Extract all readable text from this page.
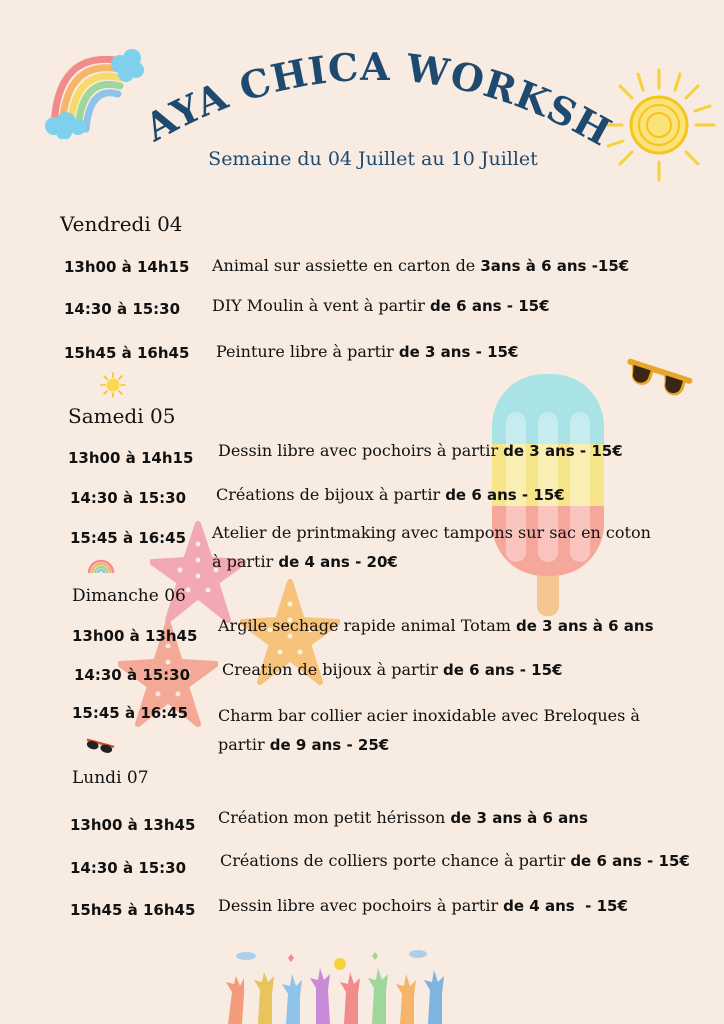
PLAYA CHICA WORKSHOP
Semaine du 04 Juillet au 10 Juillet
Vendredi 04
13h00 à 14h15 Animal sur assiette en carton de 3ans à 6 ans -15€
14:30 à 15:30 DIY Moulin à vent à partir de 6 ans - 15€
15h45 à 16h45 Peinture libre à partir de 3 ans - 15€
Samedi 05
13h00 à 14h15 Dessin libre avec pochoirs à partir de 3 ans - 15€
14:30 à 15:30 Créations de bijoux à partir de 6 ans - 15€
15:45 à 16:45 Atelier de printmaking avec tampons sur sac en coton
à partir de 4 ans - 20€
Dimanche 06
13h00 à 13h45
Argile sechage rapide animal Totam de 3 ans à 6 ans
14:30 à 15:30 Creation de bijoux à partir de 6 ans - 15€
15:45 à 16:45 Charm bar collier acier inoxidable avec Breloques à
partir de 9 ans - 25€
Lundi 07
13h00 à 13h45 Création mon petit hérisson de 3 ans à 6 ans
14:30 à 15:30 Créations de colliers porte chance à partir de 6 ans - 15€
15h45 à 16h45 Dessin libre avec pochoirs à partir de 4 ans  - 15€
